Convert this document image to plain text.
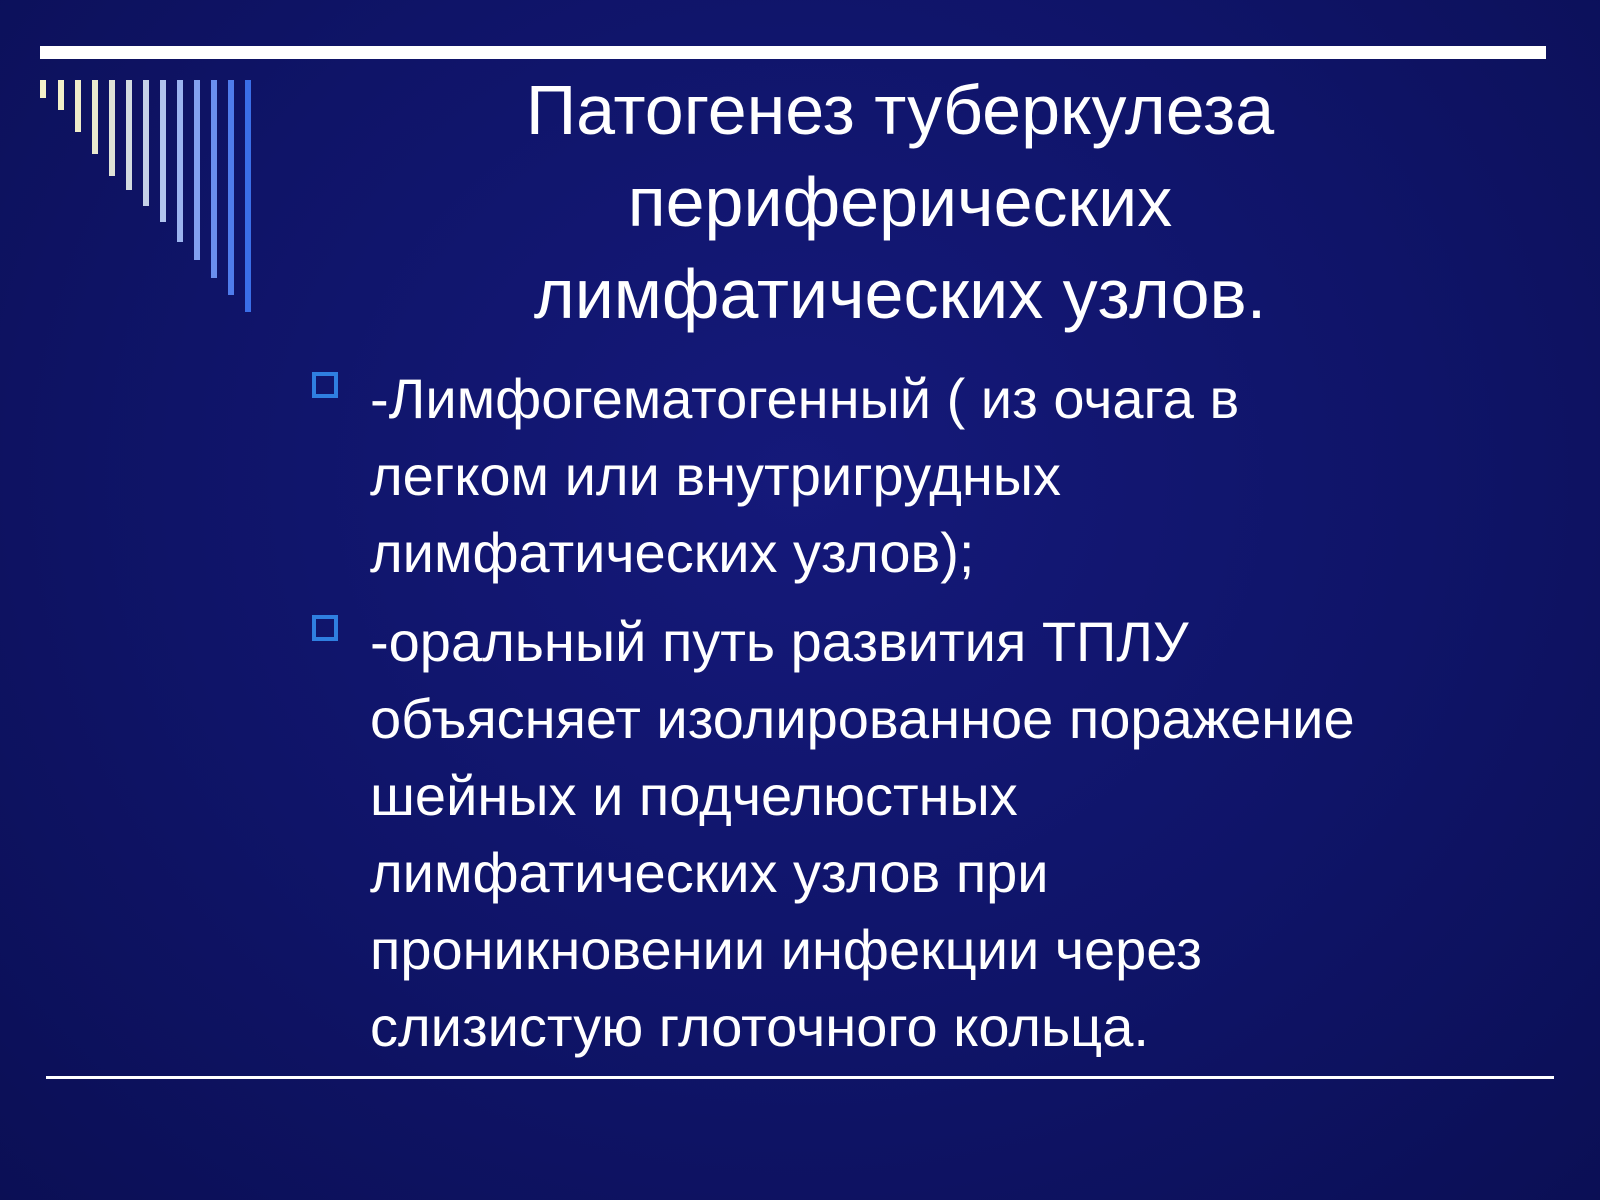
Патогенез туберкулеза
периферических
лимфатических узлов.
-Лимфогематогенный ( из очага в
легком или внутригрудных
лимфатических узлов);
-оральный путь развития ТПЛУ
объясняет изолированное поражение
шейных и подчелюстных
лимфатических узлов при
проникновении инфекции через
слизистую глоточного кольца.
